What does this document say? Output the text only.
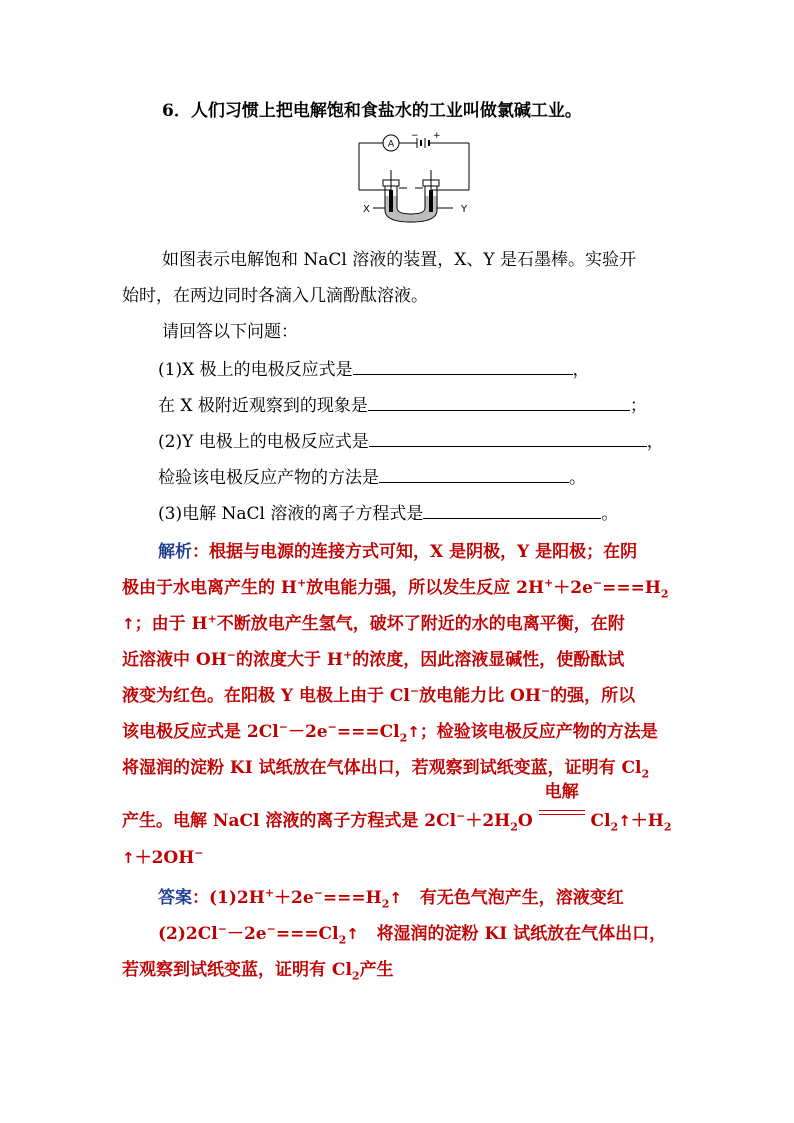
6．人们习惯上把电解饱和食盐水的工业叫做氯碱工业。
A
− +
X	Y
如图表示电解饱和 NaCl 溶液的装置，X、Y 是石墨棒。实验开
始时，在两边同时各滴入几滴酚酞溶液。
请回答以下问题：
(1)X 极上的电极反应式是	，
在 X 极附近观察到的现象是	；
(2)Y 电极上的电极反应式是	，
检验该电极反应产物的方法是	。
(3)电解 NaCl 溶液的离子方程式是	。
解析：根据与电源的连接方式可知，X 是阴极，Y 是阳极；在阴
极由于水电离产生的 H+放电能力强，所以发生反应 $2H^++2e^-===H_2$
↑；由于 H+不断放电产生氢气，破坏了附近的水的电离平衡，在附
近溶液中 OH−的浓度大于 H+的浓度，因此溶液显碱性，使酚酞试
液变为红色。在阳极 Y 电极上由于 Cl−放电能力比 OH−的强，所以
该电极反应式是 $2Cl^--2e^-===Cl_2↑$；检验该电极反应产物的方法是
将湿润的淀粉 KI 试纸放在气体出口，若观察到试纸变蓝，证明有 $Cl_2$
产生。电解 NaCl 溶液的离子方程式是 $2Cl^-+2H_2O$
电解
$Cl_2↑+H_2$
↑＋2OH−
答案：$(1)2H^++2e^-===H_2↑$ 有无色气泡产生，溶液变红
$(2)2Cl^--2e^-===Cl_2↑$ 将湿润的淀粉 KI 试纸放在气体出口，
若观察到试纸变蓝，证明有 $Cl_2$产生
